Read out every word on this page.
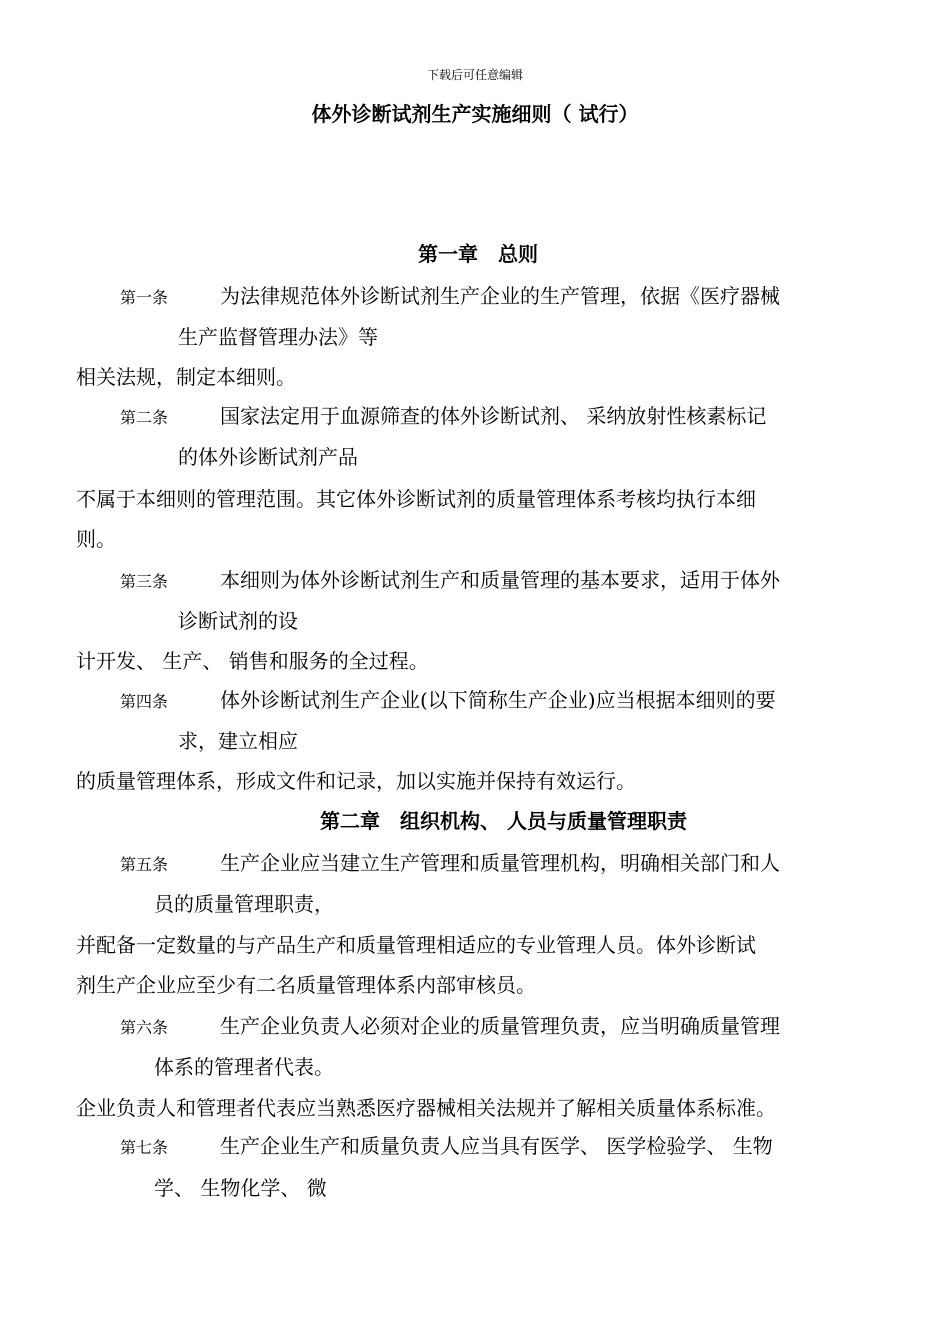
下载后可任意编辑
体外诊断试剂生产实施细则（ 试行）
第一章　总则
第一条	为法律规范体外诊断试剂生产企业的生产管理，依据《医疗器械
生产监督管理办法》等
相关法规，制定本细则。
第二条	国家法定用于血源筛查的体外诊断试剂、 采纳放射性核素标记
的体外诊断试剂产品
不属于本细则的管理范围。其它体外诊断试剂的质量管理体系考核均执行本细
则。
第三条	本细则为体外诊断试剂生产和质量管理的基本要求，适用于体外
诊断试剂的设
计开发、 生产、 销售和服务的全过程。
第四条	体外诊断试剂生产企业(以下简称生产企业)应当根据本细则的要
求，建立相应
的质量管理体系，形成文件和记录，加以实施并保持有效运行。
第二章　组织机构、 人员与质量管理职责
第五条	生产企业应当建立生产管理和质量管理机构，明确相关部门和人
员的质量管理职责，
并配备一定数量的与产品生产和质量管理相适应的专业管理人员。体外诊断试
剂生产企业应至少有二名质量管理体系内部审核员。
第六条	生产企业负责人必须对企业的质量管理负责，应当明确质量管理
体系的管理者代表。
企业负责人和管理者代表应当熟悉医疗器械相关法规并了解相关质量体系标准。
第七条	生产企业生产和质量负责人应当具有医学、 医学检验学、 生物
学、 生物化学、 微
